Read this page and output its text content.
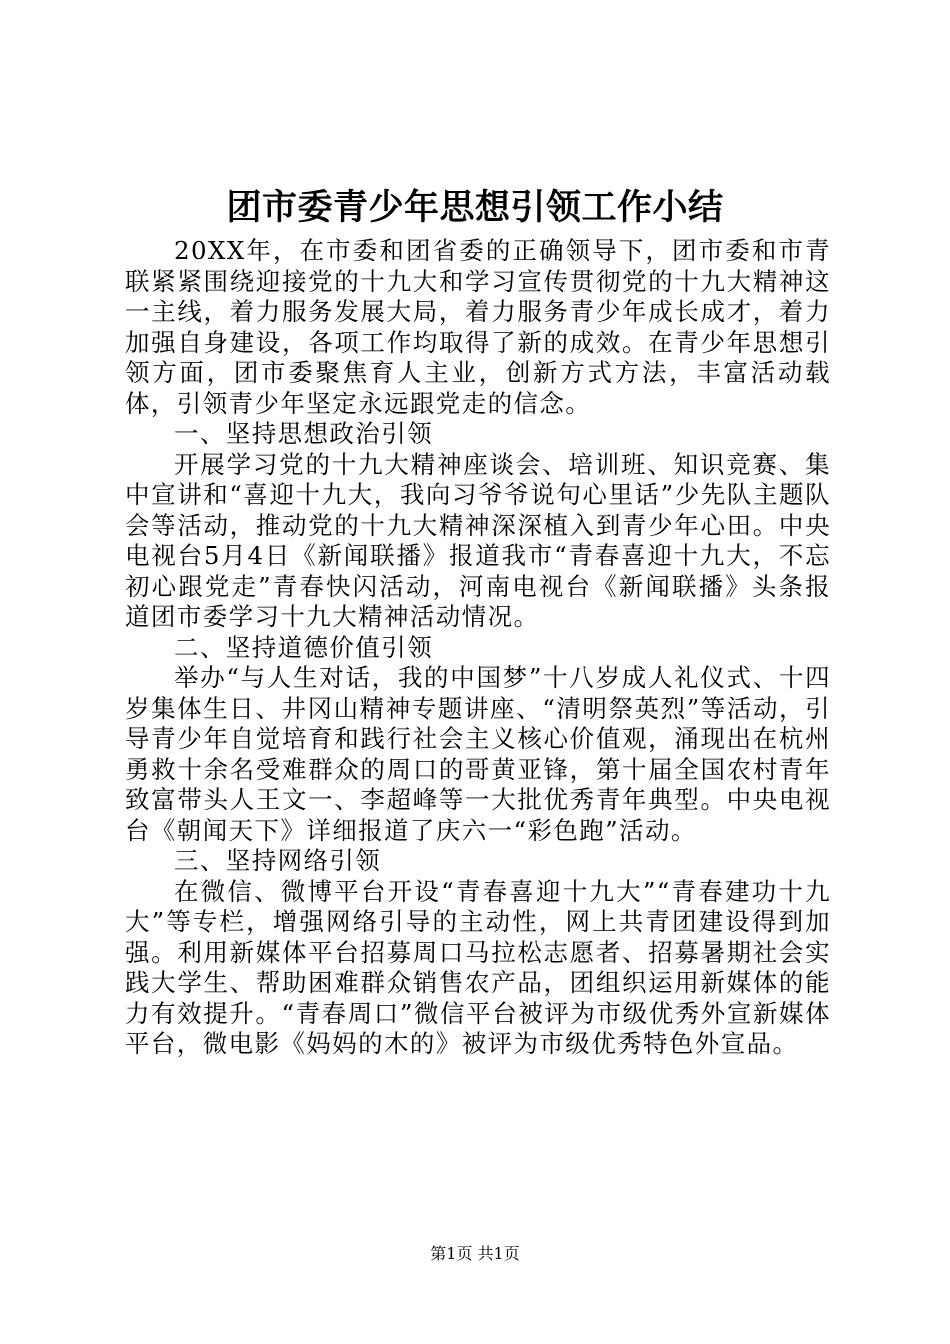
团市委青少年思想引领工作小结

20XX年，在市委和团省委的正确领导下，团市委和市青联紧紧围绕迎接党的十九大和学习宣传贯彻党的十九大精神这一主线，着力服务发展大局，着力服务青少年成长成才，着力加强自身建设，各项工作均取得了新的成效。在青少年思想引领方面，团市委聚焦育人主业，创新方式方法，丰富活动载体，引领青少年坚定永远跟党走的信念。

一、坚持思想政治引领

开展学习党的十九大精神座谈会、培训班、知识竞赛、集中宣讲和“喜迎十九大，我向习爷爷说句心里话”少先队主题队会等活动，推动党的十九大精神深深植入到青少年心田。中央电视台5月4日《新闻联播》报道我市“青春喜迎十九大，不忘初心跟党走”青春快闪活动，河南电视台《新闻联播》头条报道团市委学习十九大精神活动情况。

二、坚持道德价值引领

举办“与人生对话，我的中国梦”十八岁成人礼仪式、十四岁集体生日、井冈山精神专题讲座、“清明祭英烈”等活动，引导青少年自觉培育和践行社会主义核心价值观，涌现出在杭州勇救十余名受难群众的周口的哥黄亚锋，第十届全国农村青年致富带头人王文一、李超峰等一大批优秀青年典型。中央电视台《朝闻天下》详细报道了庆六一“彩色跑”活动。

三、坚持网络引领

在微信、微博平台开设“青春喜迎十九大”“青春建功十九大”等专栏，增强网络引导的主动性，网上共青团建设得到加强。利用新媒体平台招募周口马拉松志愿者、招募暑期社会实践大学生、帮助困难群众销售农产品，团组织运用新媒体的能力有效提升。“青春周口”微信平台被评为市级优秀外宣新媒体平台，微电影《妈妈的木的》被评为市级优秀特色外宣品。

第1页 共1页
